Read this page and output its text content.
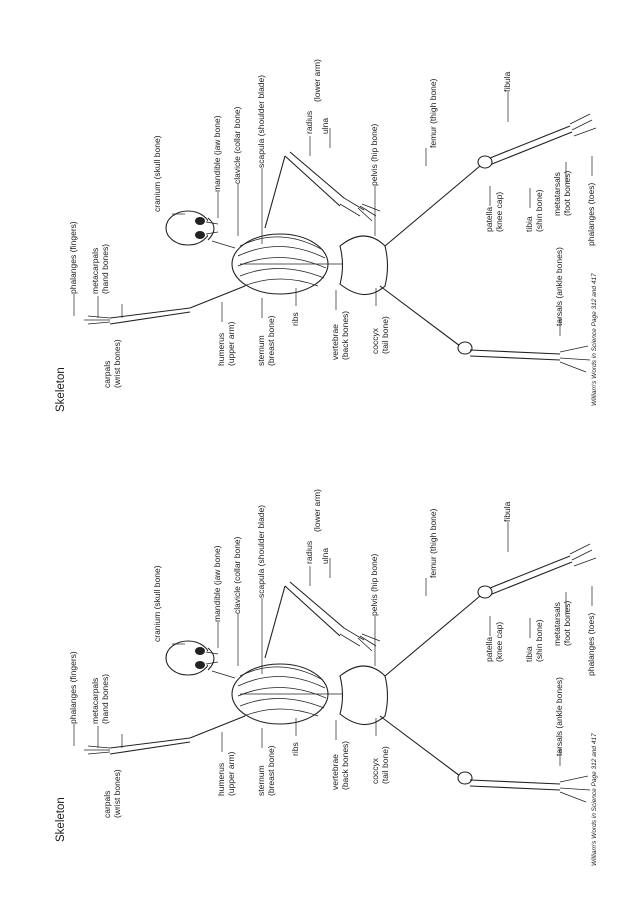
Skeleton	William's Words in Science Page 312 and 417
phalanges (fingers) metacarpals (hand bones)
carpals (wrist bones)
cranium (skull bone)	mandible (jaw bone) clavicle (collar bone) scapula (shoulder blade)	radius ulna
(lower arm)
pelvis (hip bone)
femur (thigh bone)	fibula
humerus (upper arm) sternum (breast bone) ribs
vertebrae (back bones) coccyx (tail bone)
patella (knee cap) tibia (shin bone) metatarsals (foot bones) phalanges (toes)
tarsals (ankle bones)
Skeleton	William's Words in Science Page 312 and 417
phalanges (fingers) metacarpals (hand bones)
carpals (wrist bones)
cranium (skull bone)	mandible (jaw bone) clavicle (collar bone) scapula (shoulder blade)	radius ulna
(lower arm)
pelvis (hip bone)
femur (thigh bone)	fibula
humerus (upper arm) sternum (breast bone) ribs
vertebrae (back bones) coccyx (tail bone)
patella (knee cap) tibia (shin bone) metatarsals (foot bones) phalanges (toes)
tarsals (ankle bones)
